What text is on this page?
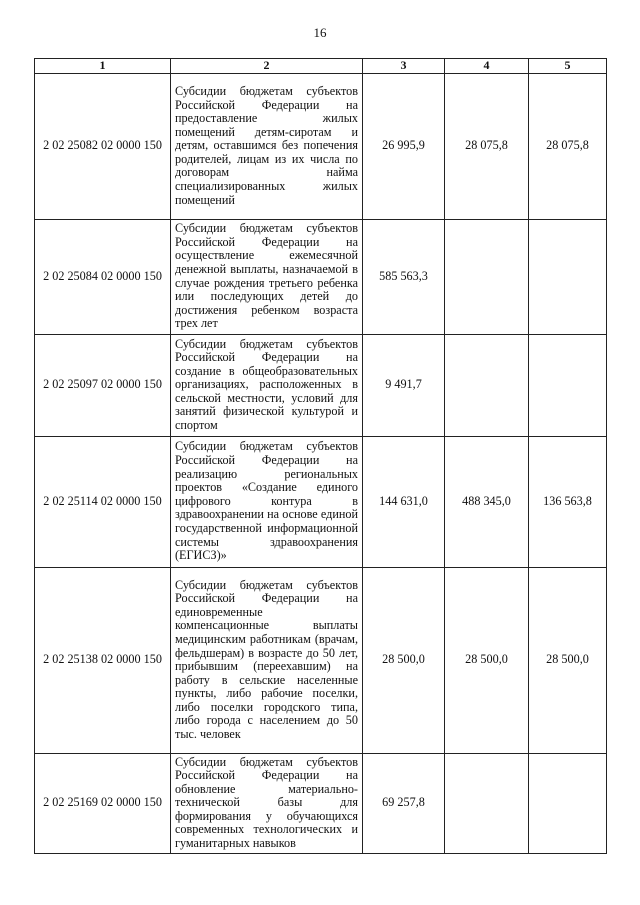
16
1	2	3	4	5
2 02 25082 02 0000 150	Субсидии бюджетам субъектов Российской Федерации на предоставление жилых помещений детям-сиротам и детям, оставшимся без попечения родителей, лицам из их числа по договорам найма специализированных жилых помещений	26 995,9	28 075,8	28 075,8
2 02 25084 02 0000 150	Субсидии бюджетам субъектов Российской Федерации на осуществление ежемесячной денежной выплаты, назначаемой в случае рождения третьего ребенка или последующих детей до достижения ребенком возраста трех лет	585 563,3		
2 02 25097 02 0000 150	Субсидии бюджетам субъектов Российской Федерации на создание в общеобразовательных организациях, расположенных в сельской местности, условий для занятий физической культурой и спортом	9 491,7		
2 02 25114 02 0000 150	Субсидии бюджетам субъектов Российской Федерации на реализацию региональных проектов «Создание единого цифрового контура в здравоохранении на основе единой государственной информационной системы здравоохранения (ЕГИСЗ)»	144 631,0	488 345,0	136 563,8
2 02 25138 02 0000 150	Субсидии бюджетам субъектов Российской Федерации на единовременные компенсационные выплаты медицинским работникам (врачам, фельдшерам) в возрасте до 50 лет, прибывшим (переехавшим) на работу в сельские населенные пункты, либо рабочие поселки, либо поселки городского типа, либо города с населением до 50 тыс. человек	28 500,0	28 500,0	28 500,0
2 02 25169 02 0000 150	Субсидии бюджетам субъектов Российской Федерации на обновление материально-технической базы для формирования у обучающихся современных технологических и гуманитарных навыков	69 257,8		
